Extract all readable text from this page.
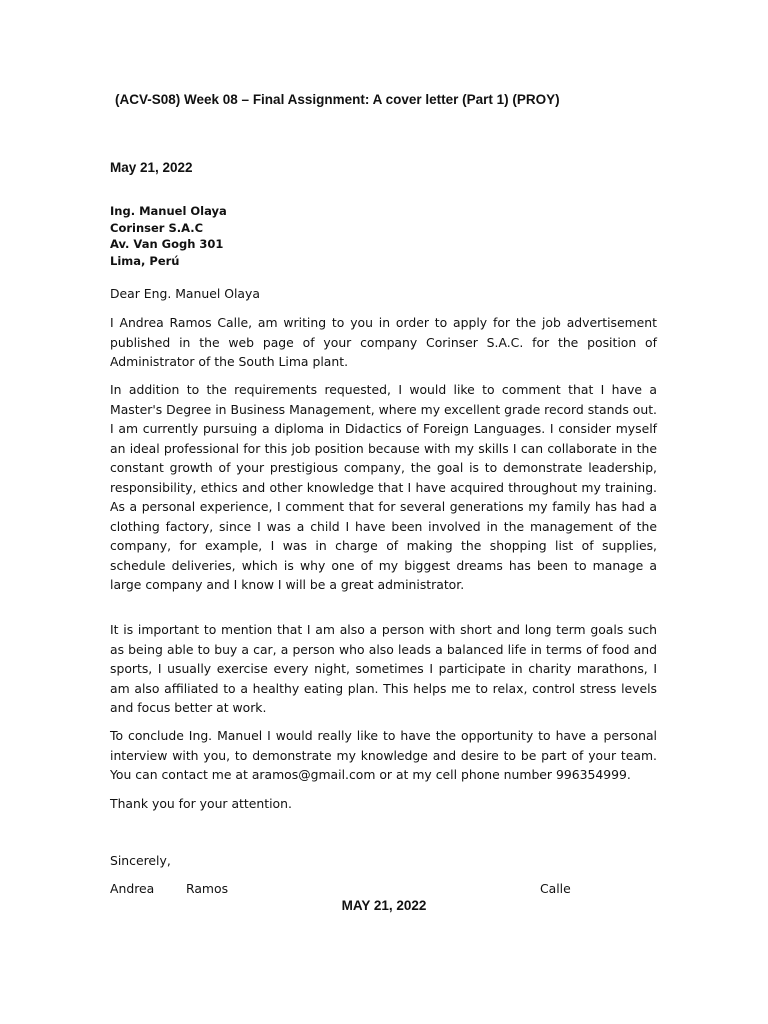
(ACV-S08) Week 08 – Final Assignment: A cover letter (Part 1) (PROY)
May 21, 2022
Ing. Manuel Olaya
Corinser S.A.C
Av. Van Gogh 301
Lima, Perú
Dear Eng. Manuel Olaya

I Andrea Ramos Calle, am writing to you in order to apply for the job advertisement published in the web page of your company Corinser S.A.C. for the position of Administrator of the South Lima plant.

In addition to the requirements requested, I would like to comment that I have a Master's Degree in Business Management, where my excellent grade record stands out. I am currently pursuing a diploma in Didactics of Foreign Languages. I consider myself an ideal professional for this job position because with my skills I can collaborate in the constant growth of your prestigious company, the goal is to demonstrate leadership, responsibility, ethics and other knowledge that I have acquired throughout my training. As a personal experience, I comment that for several generations my family has had a clothing factory, since I was a child I have been involved in the management of the company, for example, I was in charge of making the shopping list of supplies, schedule deliveries, which is why one of my biggest dreams has been to manage a large company and I know I will be a great administrator.

It is important to mention that I am also a person with short and long term goals such as being able to buy a car, a person who also leads a balanced life in terms of food and sports, I usually exercise every night, sometimes I participate in charity marathons, I am also affiliated to a healthy eating plan. This helps me to relax, control stress levels and focus better at work.

To conclude Ing. Manuel I would really like to have the opportunity to have a personal interview with you, to demonstrate my knowledge and desire to be part of your team. You can contact me at aramos@gmail.com or at my cell phone number 996354999.

Thank you for your attention.

Sincerely,
Andrea	Ramos	Calle
MAY 21, 2022
